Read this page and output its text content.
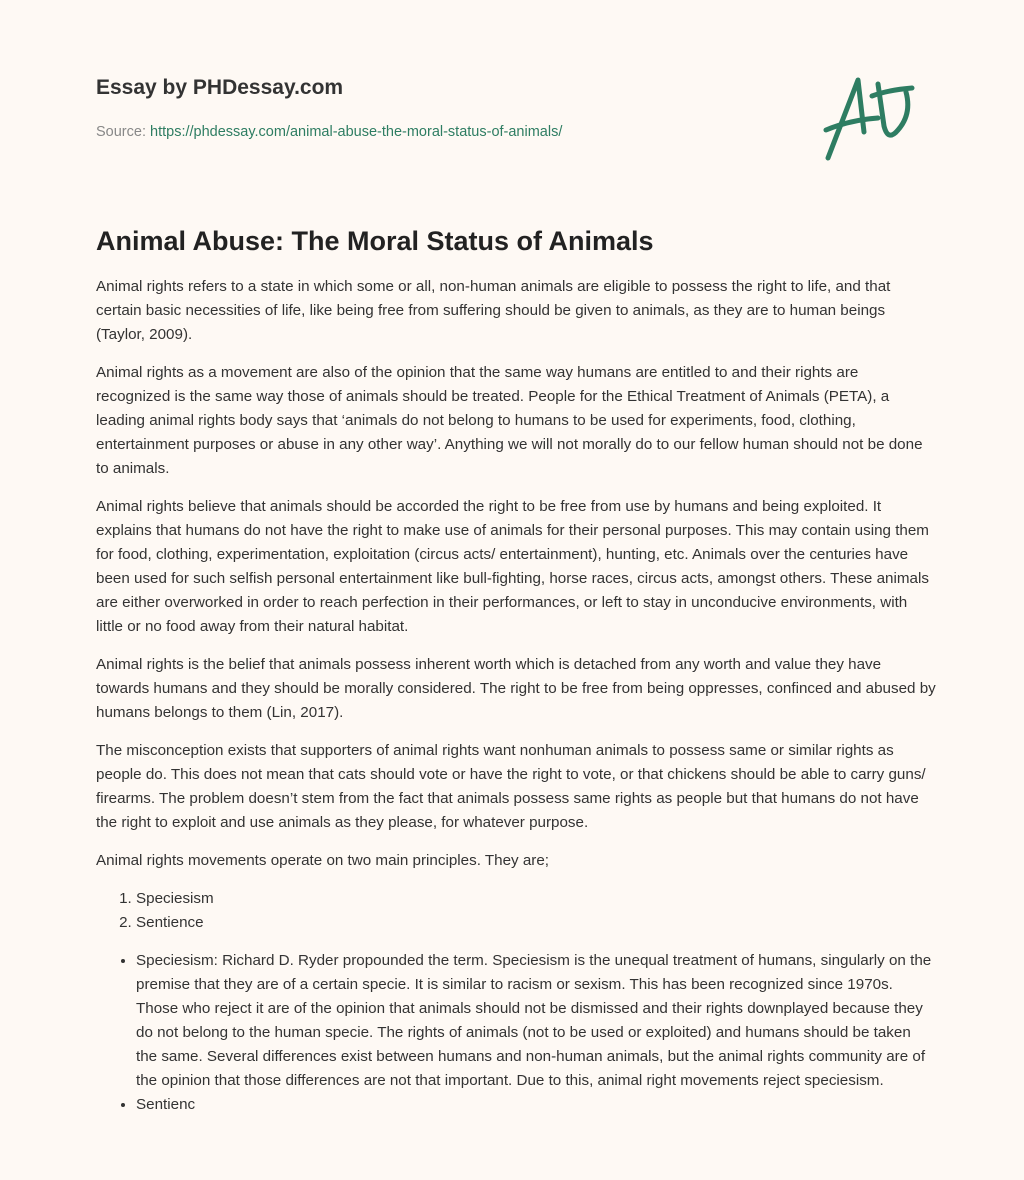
Essay by PHDessay.com
Source: https://phdessay.com/animal-abuse-the-moral-status-of-animals/
Animal Abuse: The Moral Status of Animals

Animal rights refers to a state in which some or all, non-human animals are eligible to possess the right to life, and that certain basic necessities of life, like being free from suffering should be given to animals, as they are to human beings (Taylor, 2009).

Animal rights as a movement are also of the opinion that the same way humans are entitled to and their rights are recognized is the same way those of animals should be treated. People for the Ethical Treatment of Animals (PETA), a leading animal rights body says that ‘animals do not belong to humans to be used for experiments, food, clothing, entertainment purposes or abuse in any other way’. Anything we will not morally do to our fellow human should not be done to animals.

Animal rights believe that animals should be accorded the right to be free from use by humans and being exploited. It explains that humans do not have the right to make use of animals for their personal purposes. This may contain using them for food, clothing, experimentation, exploitation (circus acts/ entertainment), hunting, etc. Animals over the centuries have been used for such selfish personal entertainment like bull-fighting, horse races, circus acts, amongst others. These animals are either overworked in order to reach perfection in their performances, or left to stay in unconducive environments, with little or no food away from their natural habitat.

Animal rights is the belief that animals possess inherent worth which is detached from any worth and value they have towards humans and they should be morally considered. The right to be free from being oppresses, confinced and abused by humans belongs to them (Lin, 2017).

The misconception exists that supporters of animal rights want nonhuman animals to possess same or similar rights as people do. This does not mean that cats should vote or have the right to vote, or that chickens should be able to carry guns/ firearms. The problem doesn’t stem from the fact that animals possess same rights as people but that humans do not have the right to exploit and use animals as they please, for whatever purpose.

Animal rights movements operate on two main principles. They are;

1. Speciesism
2. Sentience
• Speciesism: Richard D. Ryder propounded the term. Speciesism is the unequal treatment of humans, singularly on the premise that they are of a certain specie. It is similar to racism or sexism. This has been recognized since 1970s. Those who reject it are of the opinion that animals should not be dismissed and their rights downplayed because they do not belong to the human specie. The rights of animals (not to be used or exploited) and humans should be taken the same. Several differences exist between humans and non-human animals, but the animal rights community are of the opinion that those differences are not that important. Due to this, animal right movements reject speciesism.
• Sentienc
